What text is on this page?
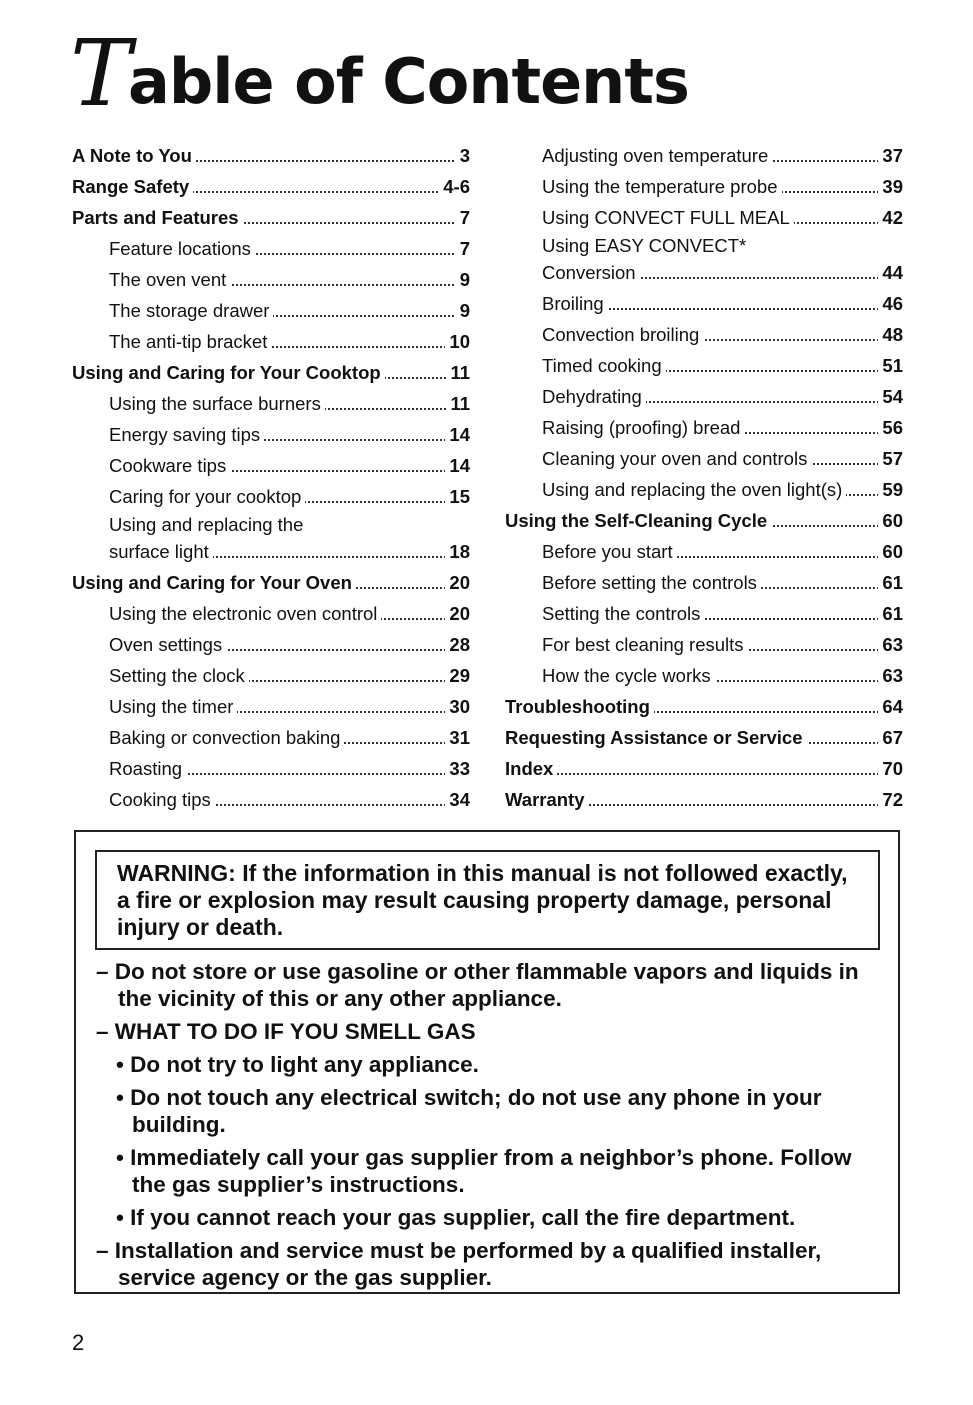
T
able of Contents
A Note to You	3
Range Safety	4-6
Parts and Features	7
Feature locations	7
The oven vent	9
The storage drawer	9
The anti-tip bracket	10
Using and Caring for Your Cooktop	11
Using the surface burners	11
Energy saving tips	14
Cookware tips	14
Caring for your cooktop	15
Using and replacing the
surface light	18
Using and Caring for Your Oven	20
Using the electronic oven control	20
Oven settings	28
Setting the clock	29
Using the timer	30
Baking or convection baking	31
Roasting	33
Cooking tips	34
Adjusting oven temperature	37
Using the temperature probe	39
Using CONVECT FULL MEAL	42
Using EASY CONVECT*
Conversion	44
Broiling	46
Convection broiling	48
Timed cooking	51
Dehydrating	54
Raising (proofing) bread	56
Cleaning your oven and controls	57
Using and replacing the oven light(s) 59
Using the Self-Cleaning Cycle	60
Before you start	60
Before setting the controls	61
Setting the controls	61
For best cleaning results	63
How the cycle works	63
Troubleshooting	64
Requesting Assistance or Service	67
Index	70
Warranty	72
WARNING: If the information in this manual is not followed exactly, a fire or explosion may result causing property damage, personal injury or death.
– Do not store or use gasoline or other flammable vapors and liquids in the vicinity of this or any other appliance.
– WHAT TO DO IF YOU SMELL GAS
• Do not try to light any appliance.
• Do not touch any electrical switch; do not use any phone in your building.
• Immediately call your gas supplier from a neighbor’s phone. Follow the gas supplier’s instructions.
• If you cannot reach your gas supplier, call the fire department.
– Installation and service must be performed by a qualified installer, service agency or the gas supplier.
2
